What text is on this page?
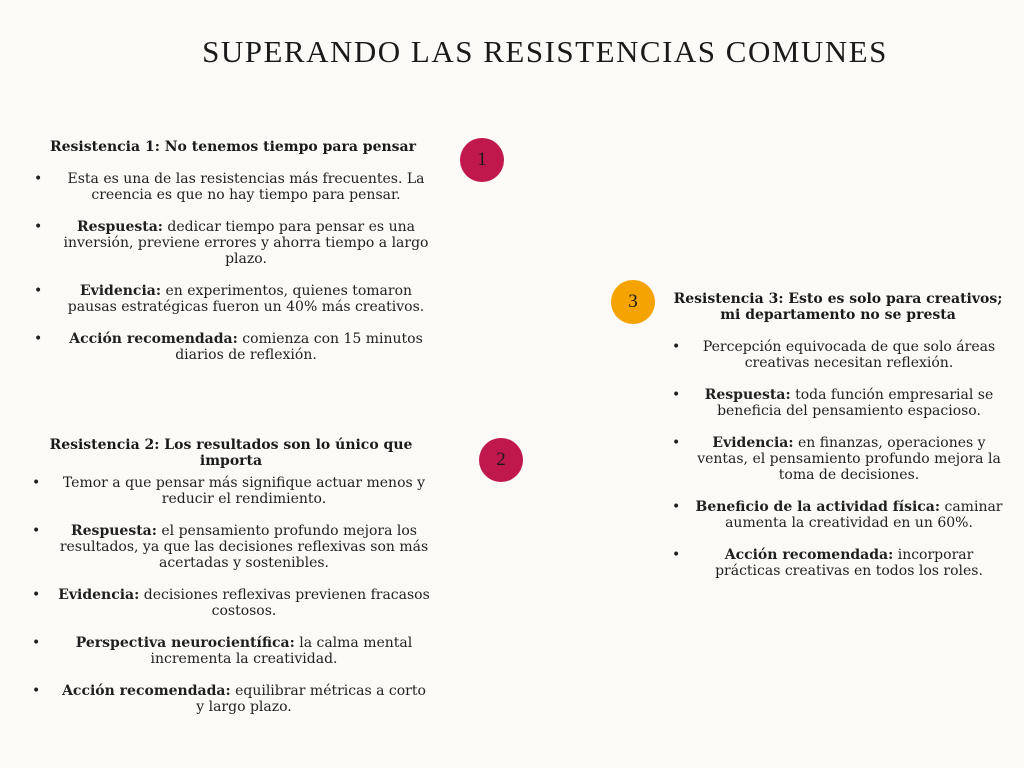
SUPERANDO LAS RESISTENCIAS COMUNES
1
2
3
Resistencia 1: No tenemos tiempo para pensar
• Esta es una de las resistencias más frecuentes. La creencia es que no hay tiempo para pensar.
• Respuesta: dedicar tiempo para pensar es una inversión, previene errores y ahorra tiempo a largo plazo.
• Evidencia: en experimentos, quienes tomaron pausas estratégicas fueron un 40% más creativos.
• Acción recomendada: comienza con 15 minutos diarios de reflexión.
Resistencia 2: Los resultados son lo único que importa
• Temor a que pensar más signifique actuar menos y reducir el rendimiento.
• Respuesta: el pensamiento profundo mejora los resultados, ya que las decisiones reflexivas son más acertadas y sostenibles.
• Evidencia: decisiones reflexivas previenen fracasos costosos.
• Perspectiva neurocientífica: la calma mental incrementa la creatividad.
• Acción recomendada: equilibrar métricas a corto y largo plazo.
Resistencia 3: Esto es solo para creativos; mi departamento no se presta
• Percepción equivocada de que solo áreas creativas necesitan reflexión.
• Respuesta: toda función empresarial se beneficia del pensamiento espacioso.
• Evidencia: en finanzas, operaciones y ventas, el pensamiento profundo mejora la toma de decisiones.
• Beneficio de la actividad física: caminar aumenta la creatividad en un 60%.
• Acción recomendada: incorporar prácticas creativas en todos los roles.
